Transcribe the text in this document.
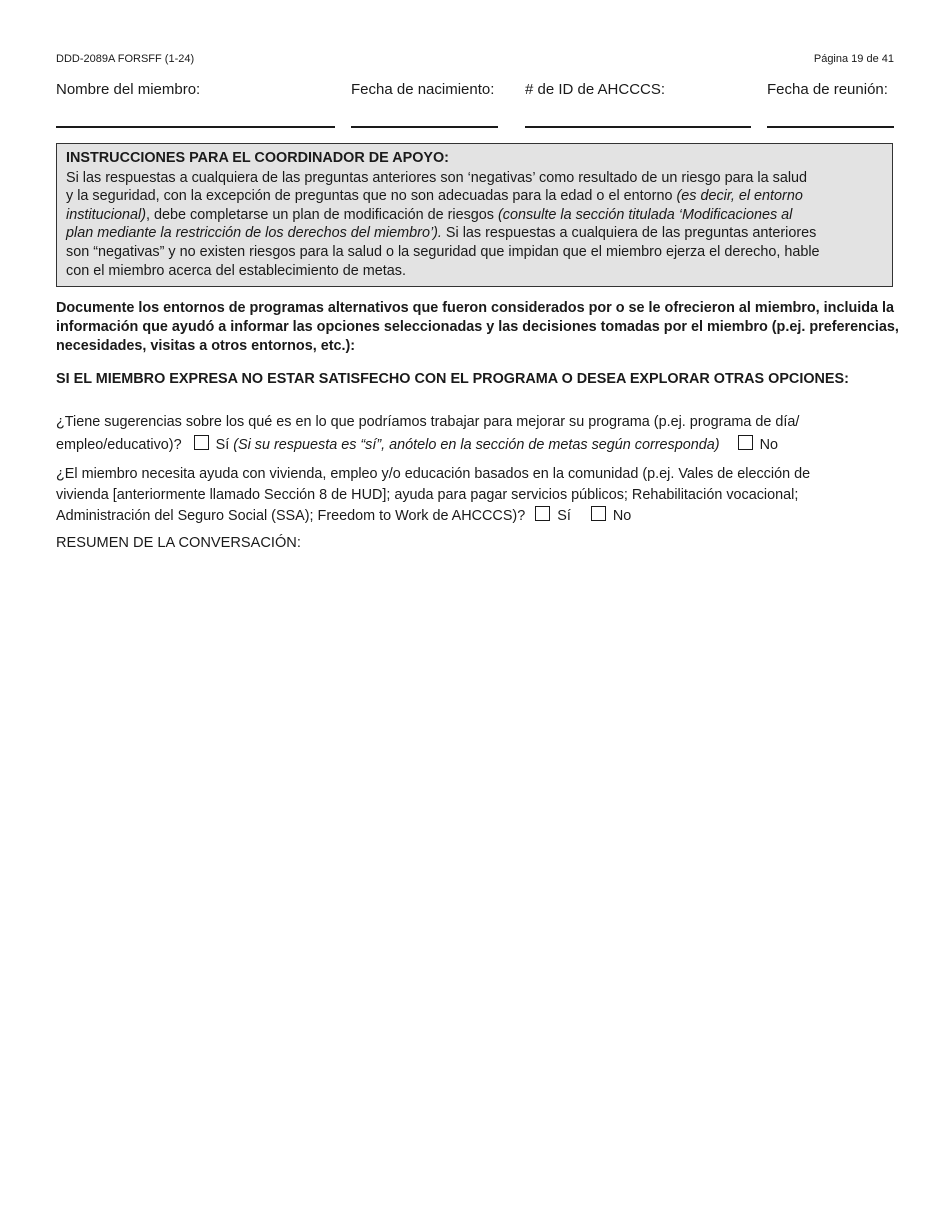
DDD-2089A FORSFF (1-24)	Página 19 de 41
Nombre del miembro:	Fecha de nacimiento: # de ID de AHCCCS:	Fecha de reunión:
INSTRUCCIONES PARA EL COORDINADOR DE APOYO:
Si las respuestas a cualquiera de las preguntas anteriores son ‘negativas’ como resultado de un riesgo para la salud
y la seguridad, con la excepción de preguntas que no son adecuadas para la edad o el entorno (es decir, el entorno
institucional), debe completarse un plan de modificación de riesgos (consulte la sección titulada ‘Modificaciones al
plan mediante la restricción de los derechos del miembro’). Si las respuestas a cualquiera de las preguntas anteriores
son “negativas” y no existen riesgos para la salud o la seguridad que impidan que el miembro ejerza el derecho, hable
con el miembro acerca del establecimiento de metas.
Documente los entornos de programas alternativos que fueron considerados por o se le ofrecieron al miembro, incluida la información que ayudó a informar las opciones seleccionadas y las decisiones tomadas por el miembro (p.ej. preferencias, necesidades, visitas a otros entornos, etc.):
SI EL MIEMBRO EXPRESA NO ESTAR SATISFECHO CON EL PROGRAMA O DESEA EXPLORAR OTRAS OPCIONES:
¿Tiene sugerencias sobre los qué es en lo que podríamos trabajar para mejorar su programa (p.ej. programa de día/
empleo/educativo)? Sí (Si su respuesta es “sí”, anótelo en la sección de metas según corresponda)	No
¿El miembro necesita ayuda con vivienda, empleo y/o educación basados en la comunidad (p.ej. Vales de elección de
vivienda [anteriormente llamado Sección 8 de HUD]; ayuda para pagar servicios públicos; Rehabilitación vocacional;
Administración del Seguro Social (SSA); Freedom to Work de AHCCCS)? Sí	No
RESUMEN DE LA CONVERSACIÓN:
